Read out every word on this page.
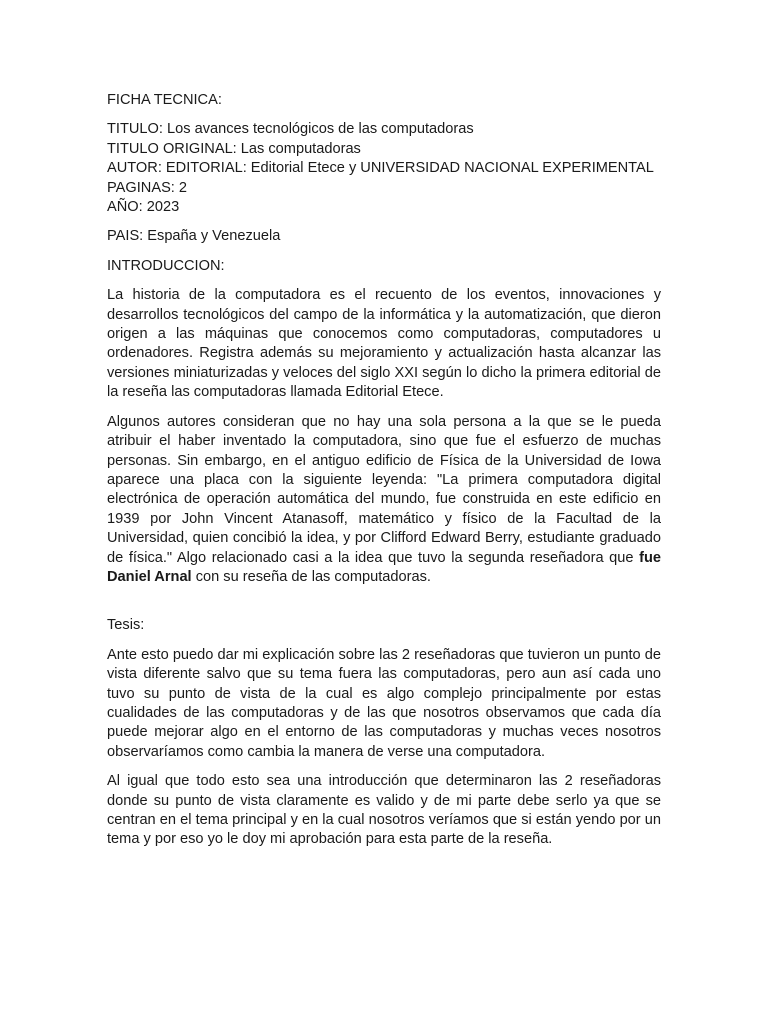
FICHA TECNICA:

TITULO: Los avances tecnológicos de las computadoras
TITULO ORIGINAL: Las computadoras
AUTOR: EDITORIAL: Editorial Etece y UNIVERSIDAD NACIONAL EXPERIMENTAL
PAGINAS: 2
AÑO: 2023

PAIS: España y Venezuela

INTRODUCCION:

La historia de la computadora es el recuento de los eventos, innovaciones y desarrollos tecnológicos del campo de la informática y la automatización, que dieron origen a las máquinas que conocemos como computadoras, computadores u ordenadores. Registra además su mejoramiento y actualización hasta alcanzar las versiones miniaturizadas y veloces del siglo XXI según lo dicho la primera editorial de la reseña las computadoras llamada Editorial Etece.

Algunos autores consideran que no hay una sola persona a la que se le pueda atribuir el haber inventado la computadora, sino que fue el esfuerzo de muchas personas. Sin embargo, en el antiguo edificio de Física de la Universidad de Iowa aparece una placa con la siguiente leyenda: "La primera computadora digital electrónica de operación automática del mundo, fue construida en este edificio en 1939 por John Vincent Atanasoff, matemático y físico de la Facultad de la Universidad, quien concibió la idea, y por Clifford Edward Berry, estudiante graduado de física." Algo relacionado casi a la idea que tuvo la segunda reseñadora que fue Daniel Arnal con su reseña de las computadoras.

Tesis:

Ante esto puedo dar mi explicación sobre las 2 reseñadoras que tuvieron un punto de vista diferente salvo que su tema fuera las computadoras, pero aun así cada uno tuvo su punto de vista de la cual es algo complejo principalmente por estas cualidades de las computadoras y de las que nosotros observamos que cada día puede mejorar algo en el entorno de las computadoras y muchas veces nosotros observaríamos como cambia la manera de verse una computadora.

Al igual que todo esto sea una introducción que determinaron las 2 reseñadoras donde su punto de vista claramente es valido y de mi parte debe serlo ya que se centran en el tema principal y en la cual nosotros veríamos que si están yendo por un tema y por eso yo le doy mi aprobación para esta parte de la reseña.
